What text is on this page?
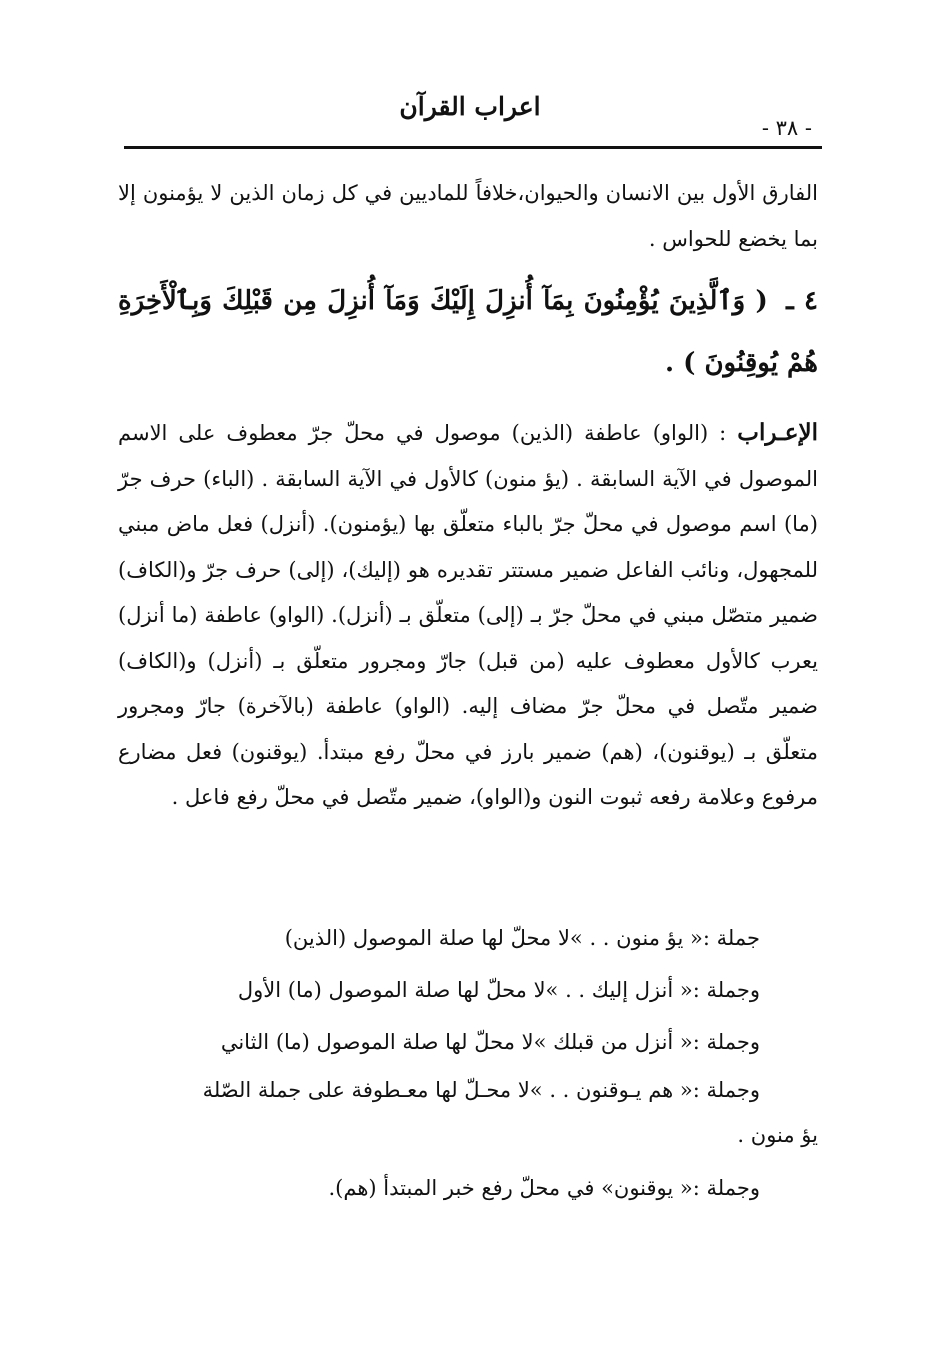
اعراب القرآن
- ٣٨ -
الفارق الأول بين الانسان والحيوان،خلافاً للماديين في كل زمان الذين لا يؤمنون إلا بما يخضع للحواس .
٤ ـ ( وَٱلَّذِينَ يُؤْمِنُونَ بِمَآ أُنزِلَ إِلَيْكَ وَمَآ أُنزِلَ مِن قَبْلِكَ وَبِٱلْأَخِرَةِ هُمْ يُوقِنُونَ ) .
الإعـراب : (الواو) عاطفة (الذين) موصول في محلّ جرّ معطوف على الاسم الموصول في الآية السابقة . (يؤ منون) كالأول في الآية السابقة . (الباء) حرف جرّ (ما) اسم موصول في محلّ جرّ بالباء متعلّق بها (يؤمنون). (أنزل) فعل ماض مبني للمجهول، ونائب الفاعل ضمير مستتر تقديره هو (إليك)، (إلى) حرف جرّ و(الكاف) ضمير متصّل مبني في محلّ جرّ بـ (إلى) متعلّق بـ (أنزل). (الواو) عاطفة (ما أنزل) يعرب كالأول معطوف عليه (من قبل) جارّ ومجرور متعلّق بـ (أنزل) و(الكاف) ضمير متّصل في محلّ جرّ مضاف إليه. (الواو) عاطفة (بالآخرة) جارّ ومجرور متعلّق بـ (يوقنون)، (هم) ضمير بارز في محلّ رفع مبتدأ. (يوقنون) فعل مضارع مرفوع وعلامة رفعه ثبوت النون و(الواو)، ضمير متّصل في محلّ رفع فاعل .
جملة :« يؤ منون . . »لا محلّ لها صلة الموصول (الذين)
وجملة :« أنزل إليك . . »لا محلّ لها صلة الموصول (ما) الأول
وجملة :« أنزل من قبلك »لا محلّ لها صلة الموصول (ما) الثاني
وجملة :« هم يـوقنون . . »لا محـلّ لها معـطوفة على جملة الصّلة
يؤ منون .
وجملة :« يوقنون» في محلّ رفع خبر المبتدأ (هم).
